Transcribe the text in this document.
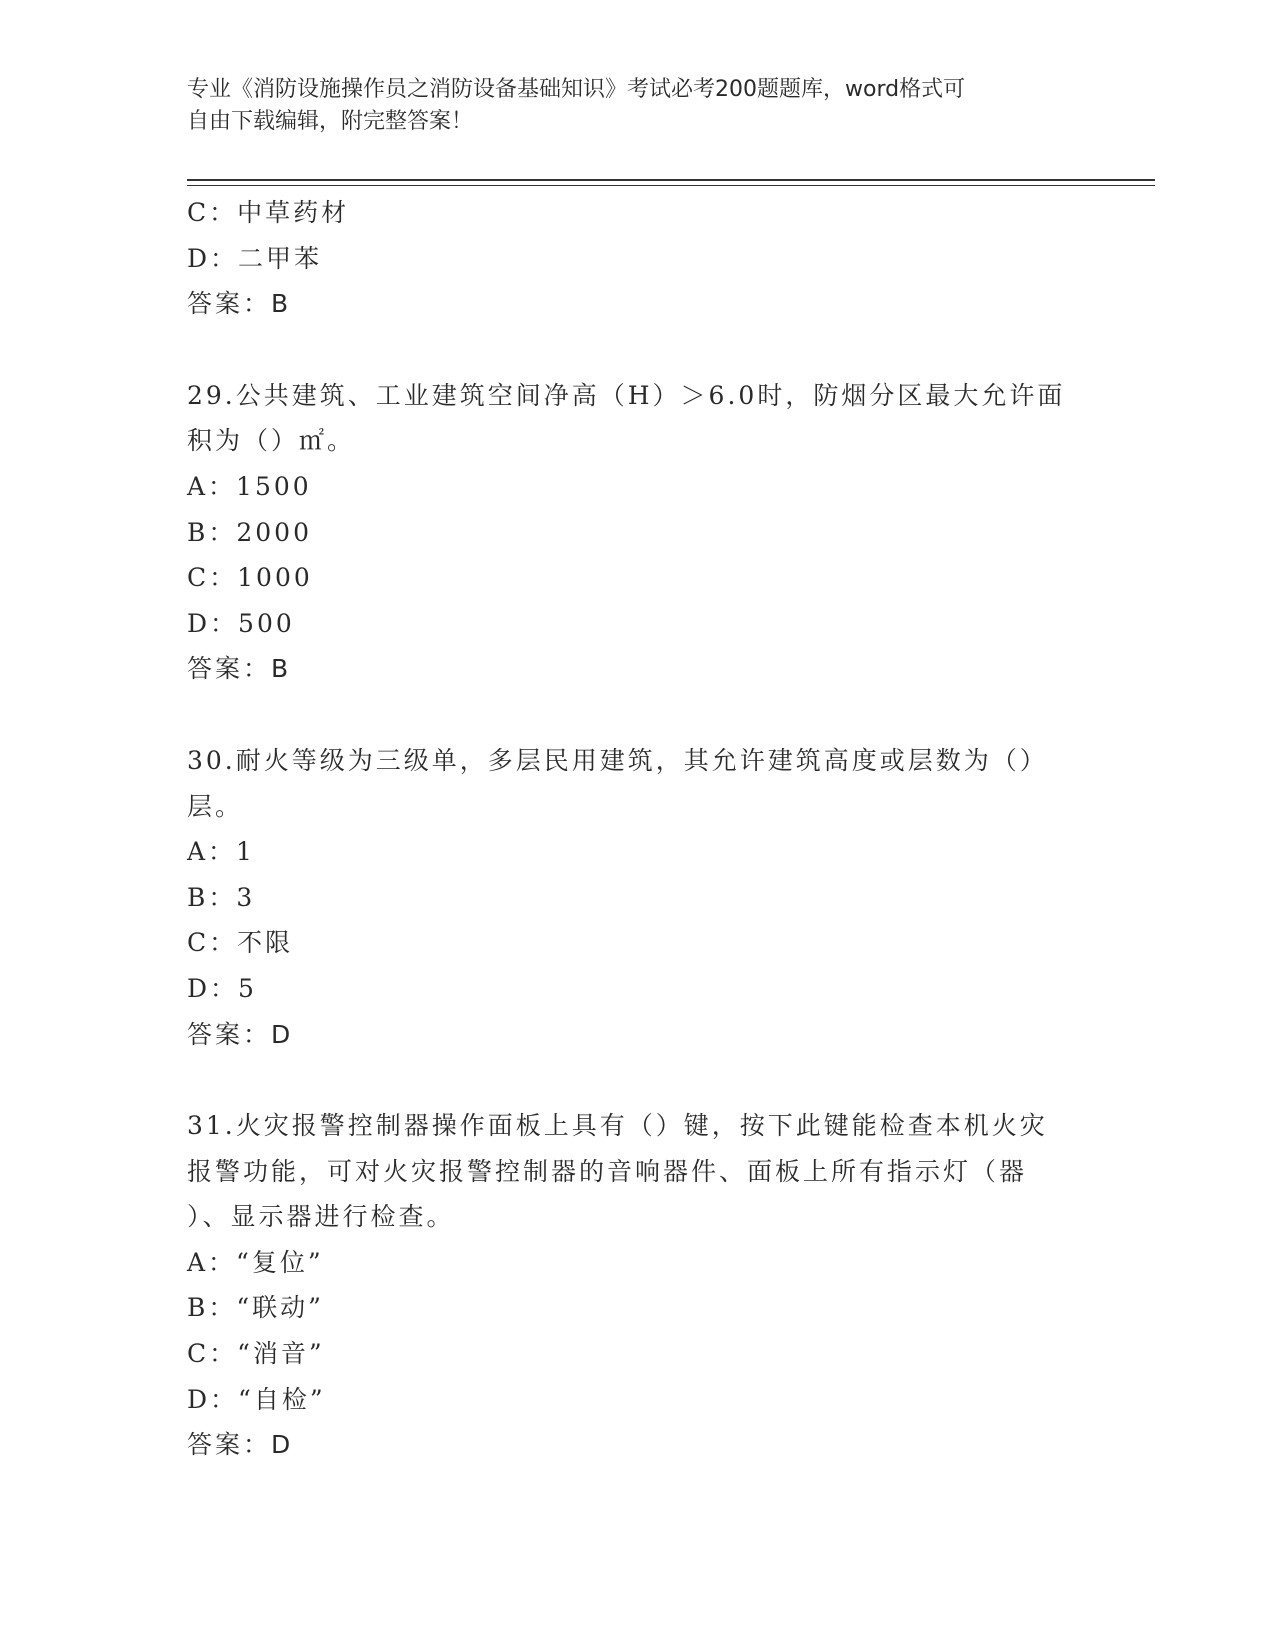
专业《消防设施操作员之消防设备基础知识》考试必考200题题库，word格式可
自由下载编辑，附完整答案！
C：中草药材
D：二甲苯
答案：B
29.公共建筑、工业建筑空间净高（H）＞6.0时，防烟分区最大允许面
积为（）㎡。
A：1500
B：2000
C：1000
D：500
答案：B
30.耐火等级为三级单，多层民用建筑，其允许建筑高度或层数为（）
层。
A：1
B：3
C：不限
D：5
答案：D
31.火灾报警控制器操作面板上具有（）键，按下此键能检查本机火灾
报警功能，可对火灾报警控制器的音响器件、面板上所有指示灯（器
）、显示器进行检查。
A：“复位”
B：“联动”
C：“消音”
D：“自检”
答案：D
